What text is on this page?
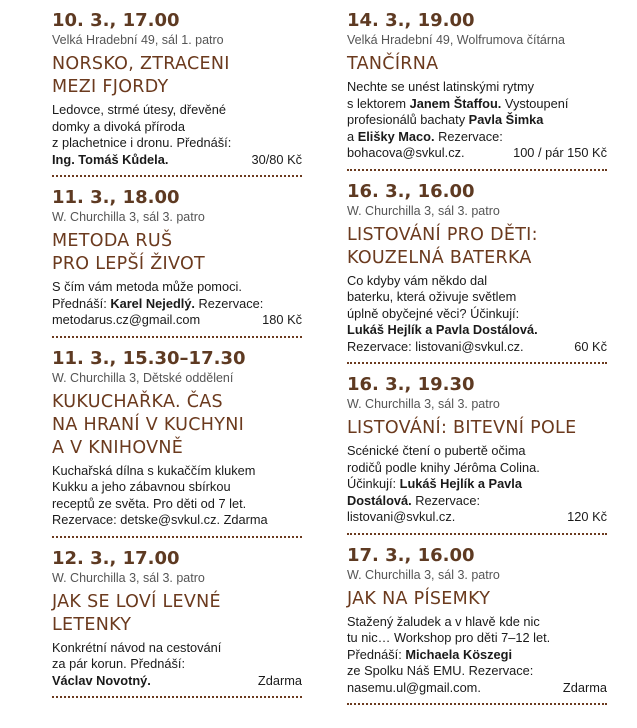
10. 3., 17.00
Velká Hradební 49, sál 1. patro
NORSKO, ZTRACENI
MEZI FJORDY
Ledovce, strmé útesy, dřevěné
domky a divoká příroda
z plachetnice i dronu. Přednáší:
Ing. Tomáš Kůdela.	30/80 Kč
11. 3., 18.00
W. Churchilla 3, sál 3. patro
METODA RUŠ
PRO LEPŠÍ ŽIVOT
S čím vám metoda může pomoci.
Přednáší: Karel Nejedlý. Rezervace:
metodarus.cz@gmail.com	180 Kč
11. 3., 15.30–17.30
W. Churchilla 3, Dětské oddělení
KUKUCHAŘKA. ČAS
NA HRANÍ V KUCHYNI
A V KNIHOVNĚ
Kuchařská dílna s kukaččím klukem
Kukku a jeho zábavnou sbírkou
receptů ze světa. Pro děti od 7 let.
Rezervace: detske@svkul.cz. Zdarma
12. 3., 17.00
W. Churchilla 3, sál 3. patro
JAK SE LOVÍ LEVNÉ
LETENKY
Konkrétní návod na cestování
za pár korun. Přednáší:
Václav Novotný.	Zdarma
14. 3., 19.00
Velká Hradební 49, Wolfrumova čítárna
TANČÍRNA
Nechte se unést latinskými rytmy
s lektorem Janem Štaffou. Vystoupení
profesionálů bachaty Pavla Šimka
a Elišky Maco. Rezervace:
bohacova@svkul.cz.	100 / pár 150 Kč
16. 3., 16.00
W. Churchilla 3, sál 3. patro
LISTOVÁNÍ PRO DĚTI:
KOUZELNÁ BATERKA
Co kdyby vám někdo dal
baterku, která oživuje světlem
úplně obyčejné věci? Účinkují:
Lukáš Hejlík a Pavla Dostálová.
Rezervace: listovani@svkul.cz.	60 Kč
16. 3., 19.30
W. Churchilla 3, sál 3. patro
LISTOVÁNÍ: BITEVNÍ POLE
Scénické čtení o pubertě očima
rodičů podle knihy Jérôma Colina.
Účinkují: Lukáš Hejlík a Pavla
Dostálová. Rezervace:
listovani@svkul.cz.	120 Kč
17. 3., 16.00
W. Churchilla 3, sál 3. patro
JAK NA PÍSEMKY
Stažený žaludek a v hlavě kde nic
tu nic… Workshop pro děti 7–12 let.
Přednáší: Michaela Köszegi
ze Spolku Náš EMU. Rezervace:
nasemu.ul@gmail.com.	Zdarma
